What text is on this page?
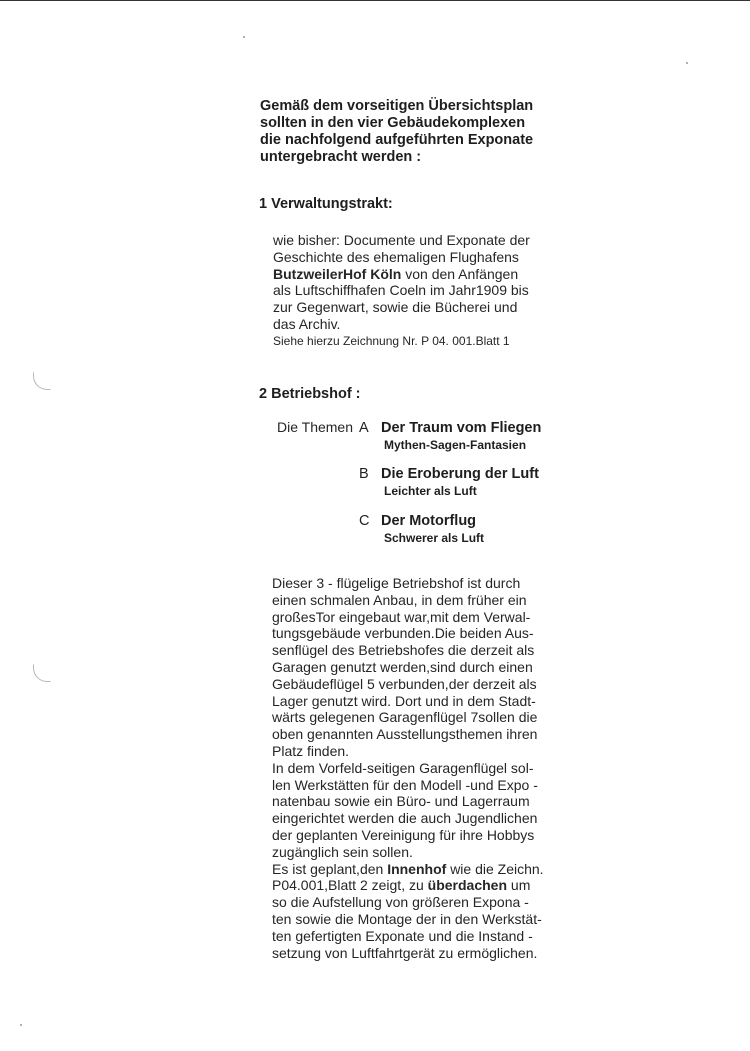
Gemäß dem vorseitigen Übersichtsplan
sollten in den vier Gebäudekomplexen
die nachfolgend aufgeführten Exponate
untergebracht werden :
1 Verwaltungstrakt:
wie bisher: Documente und Exponate der
Geschichte des ehemaligen Flughafens
ButzweilerHof Köln von den Anfängen
als Luftschiffhafen Coeln im Jahr1909 bis
zur Gegenwart, sowie die Bücherei und
das Archiv.
Siehe hierzu Zeichnung Nr. P 04. 001.Blatt 1
2 Betriebshof :
Die Themen A Der Traum vom Fliegen
Mythen-Sagen-Fantasien
B Die Eroberung der Luft
Leichter als Luft
C Der Motorflug
Schwerer als Luft
Dieser 3 - flügelige Betriebshof ist durch
einen schmalen Anbau, in dem früher ein
großesTor eingebaut war,mit dem Verwal-
tungsgebäude verbunden.Die beiden Aus-
senflügel des Betriebshofes die derzeit als
Garagen genutzt werden,sind durch einen
Gebäudeflügel 5 verbunden,der derzeit als
Lager genutzt wird. Dort und in dem Stadt-
wärts gelegenen Garagenflügel 7sollen die
oben genannten Ausstellungsthemen ihren
Platz finden.
In dem Vorfeld-seitigen Garagenflügel sol-
len Werkstätten für den Modell -und Expo -
natenbau sowie ein Büro- und Lagerraum
eingerichtet werden die auch Jugendlichen
der geplanten Vereinigung für ihre Hobbys
zugänglich sein sollen.
Es ist geplant,den Innenhof wie die Zeichn.
P04.001,Blatt 2 zeigt, zu überdachen um
so die Aufstellung von größeren Expona -
ten sowie die Montage der in den Werkstät-
ten gefertigten Exponate und die Instand -
setzung von Luftfahrtgerät zu ermöglichen.
